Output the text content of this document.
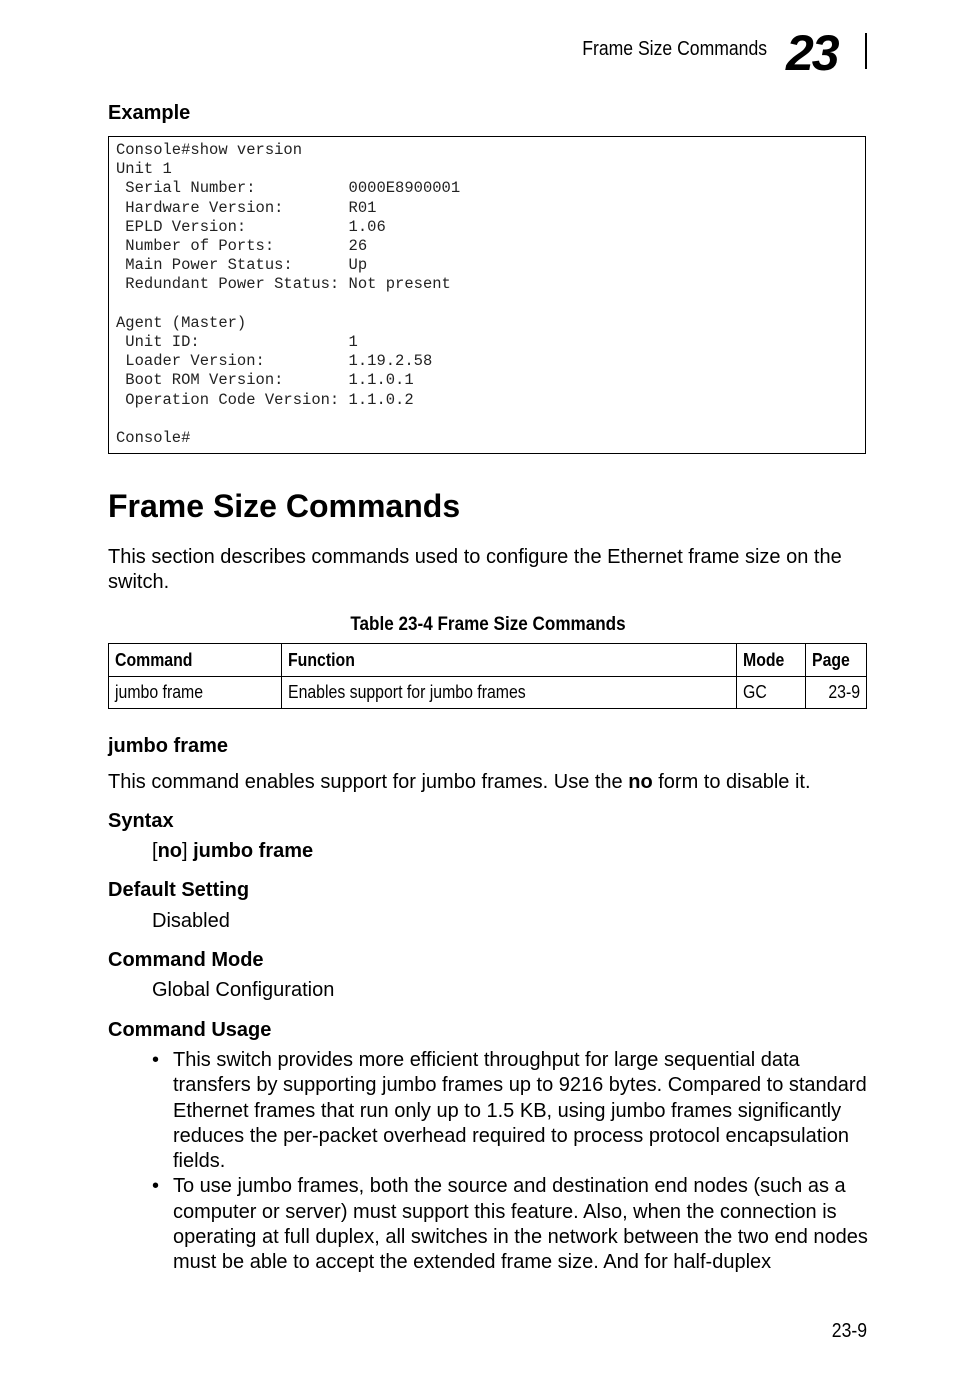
Frame Size Commands 23
Example
Console#show version
Unit 1
Serial Number:          0000E8900001
Hardware Version:       R01
EPLD Version:           1.06
Number of Ports:        26
Main Power Status:      Up
Redundant Power Status: Not present

Agent (Master)
Unit ID:                1
Loader Version:         1.19.2.58
Boot ROM Version:       1.1.0.1
Operation Code Version: 1.1.0.2

Console#
Frame Size Commands
This section describes commands used to configure the Ethernet frame size on the switch.
Table 23-4 Frame Size Commands
Command	Function	Mode	Page
jumbo frame	Enables support for jumbo frames	GC	23-9
jumbo frame
This command enables support for jumbo frames. Use the no form to disable it.
Syntax
[no] jumbo frame
Default Setting
Disabled
Command Mode
Global Configuration
Command Usage
• This switch provides more efficient throughput for large sequential data transfers by supporting jumbo frames up to 9216 bytes. Compared to standard Ethernet frames that run only up to 1.5 KB, using jumbo frames significantly reduces the per-packet overhead required to process protocol encapsulation fields.
• To use jumbo frames, both the source and destination end nodes (such as a computer or server) must support this feature. Also, when the connection is operating at full duplex, all switches in the network between the two end nodes must be able to accept the extended frame size. And for half-duplex
23-9
